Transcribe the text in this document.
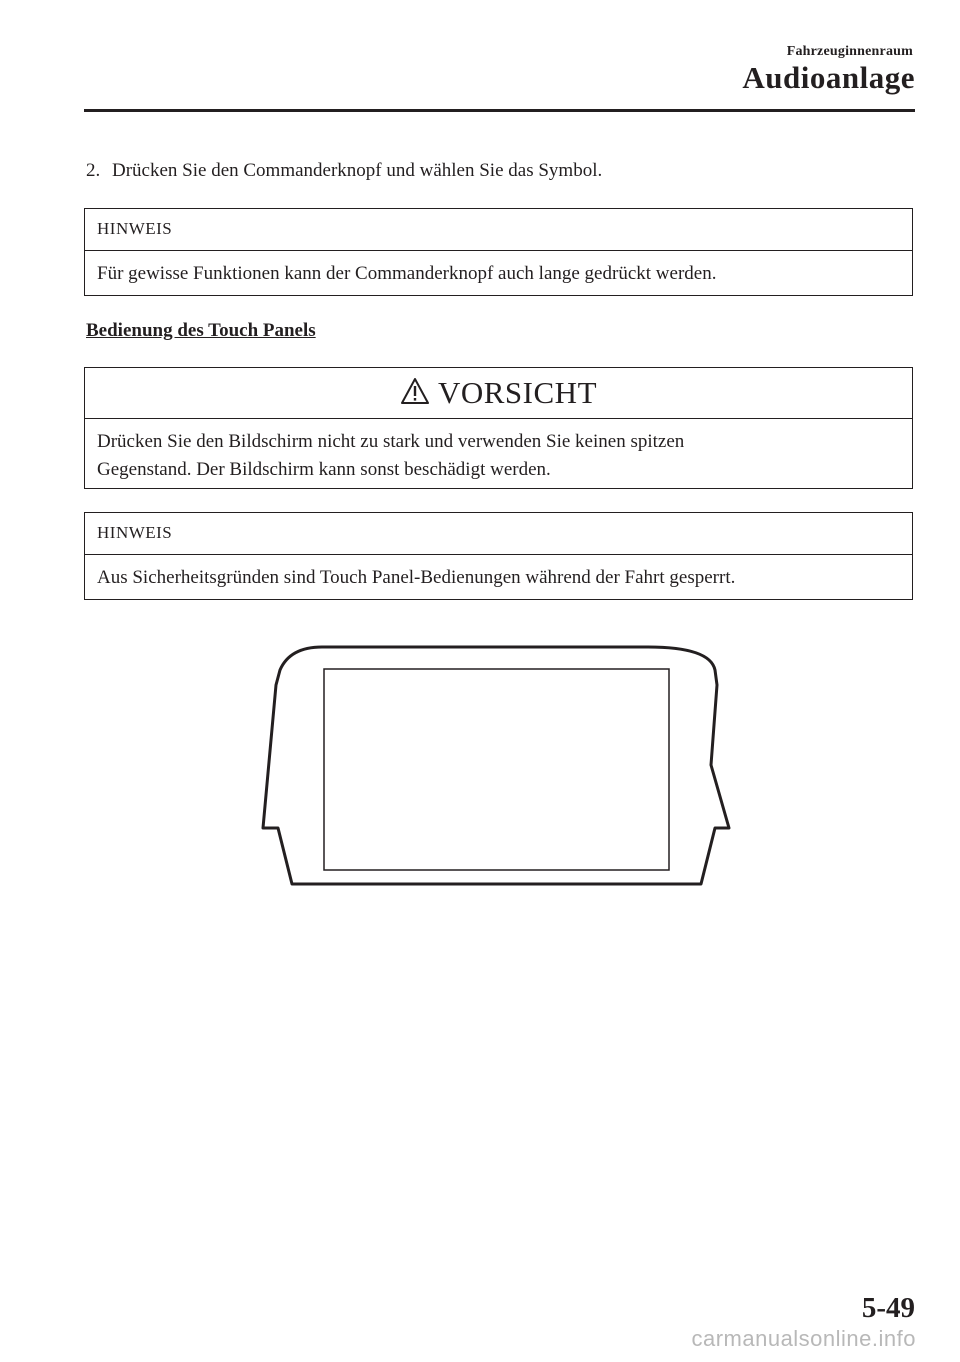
Fahrzeuginnenraum
Audioanlage
2. Drücken Sie den Commanderknopf und wählen Sie das Symbol.
HINWEIS
Für gewisse Funktionen kann der Commanderknopf auch lange gedrückt werden.
Bedienung des Touch Panels
VORSICHT
Drücken Sie den Bildschirm nicht zu stark und verwenden Sie keinen spitzen
Gegenstand. Der Bildschirm kann sonst beschädigt werden.
HINWEIS
Aus Sicherheitsgründen sind Touch Panel-Bedienungen während der Fahrt gesperrt.
5-49
carmanualsonline.info
